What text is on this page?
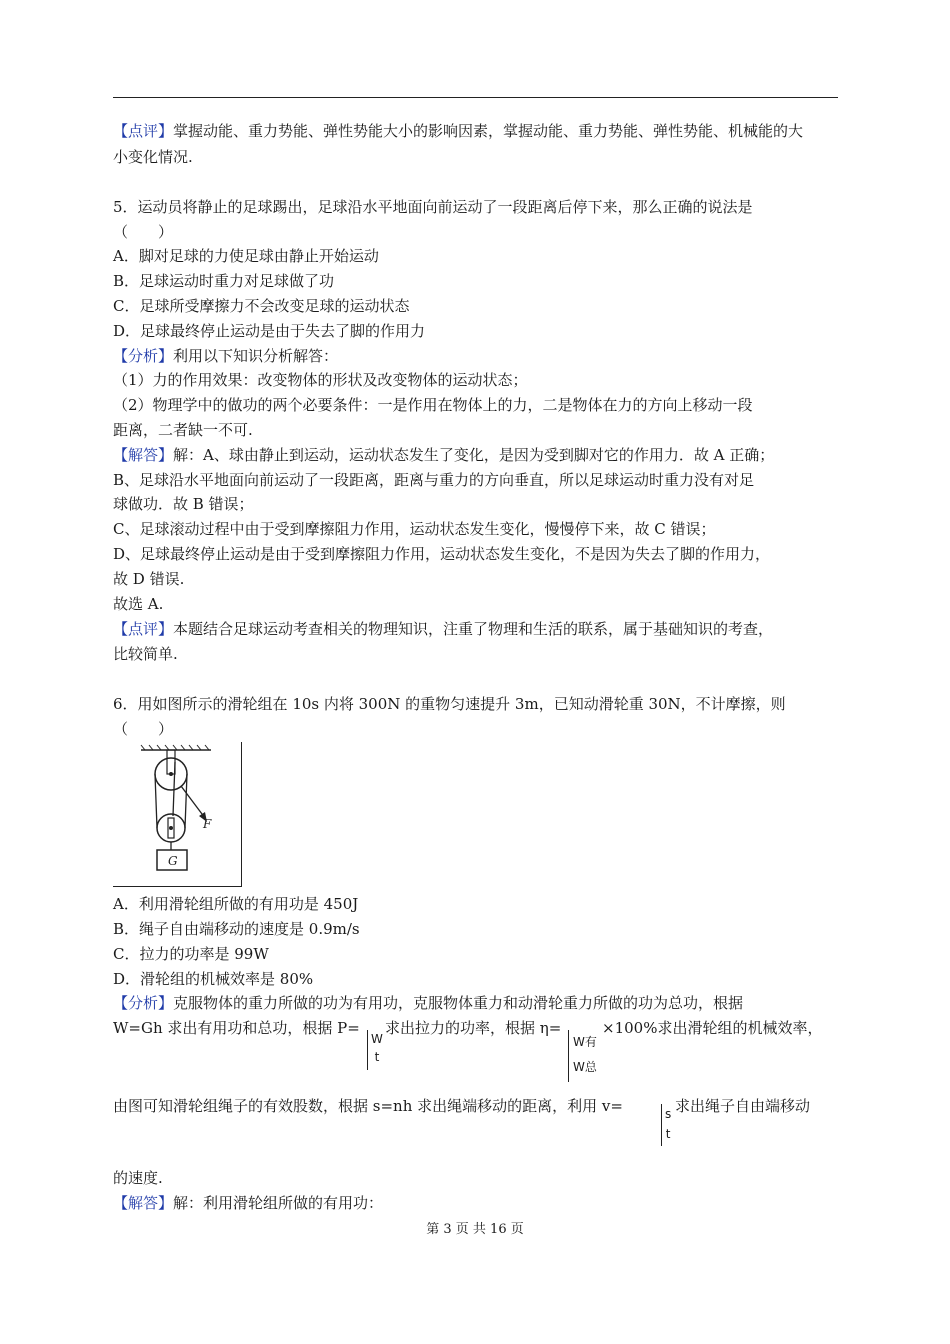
【点评】掌握动能、重力势能、弹性势能大小的影响因素，掌握动能、重力势能、弹性势能、机械能的大
小变化情况.
5．运动员将静止的足球踢出，足球沿水平地面向前运动了一段距离后停下来，那么正确的说法是
（　　）
A．脚对足球的力使足球由静止开始运动
B．足球运动时重力对足球做了功
C．足球所受摩擦力不会改变足球的运动状态
D．足球最终停止运动是由于失去了脚的作用力
【分析】利用以下知识分析解答：
（1）力的作用效果：改变物体的形状及改变物体的运动状态；
（2）物理学中的做功的两个必要条件：一是作用在物体上的力，二是物体在力的方向上移动一段
距离，二者缺一不可.
【解答】解：A、球由静止到运动，运动状态发生了变化，是因为受到脚对它的作用力．故 A 正确；
B、足球沿水平地面向前运动了一段距离，距离与重力的方向垂直，所以足球运动时重力没有对足
球做功．故 B 错误；
C、足球滚动过程中由于受到摩擦阻力作用，运动状态发生变化，慢慢停下来，故 C 错误；
D、足球最终停止运动是由于受到摩擦阻力作用，运动状态发生变化，不是因为失去了脚的作用力，
故 D 错误.
故选 A.
【点评】本题结合足球运动考查相关的物理知识，注重了物理和生活的联系，属于基础知识的考查，
比较简单.
6．用如图所示的滑轮组在 10s 内将 300N 的重物匀速提升 3m，已知动滑轮重 30N，不计摩擦，则
（　　）
F
G
A．利用滑轮组所做的有用功是 450J
B．绳子自由端移动的速度是 0.9m/s
C．拉力的功率是 99W
D．滑轮组的机械效率是 80%
【分析】克服物体的重力所做的功为有用功，克服物体重力和动滑轮重力所做的功为总功，根据
W=Gh 求出有用功和总功，根据 P=
W
t
求出拉力的功率，根据 η=
W有
W总
×100%求出滑轮组的机械效率，
由图可知滑轮组绳子的有效股数，根据 s=nh 求出绳端移动的距离，利用 v=	s
t
求出绳子自由端移动
的速度.
【解答】解：利用滑轮组所做的有用功：
第 3 页 共 16 页
